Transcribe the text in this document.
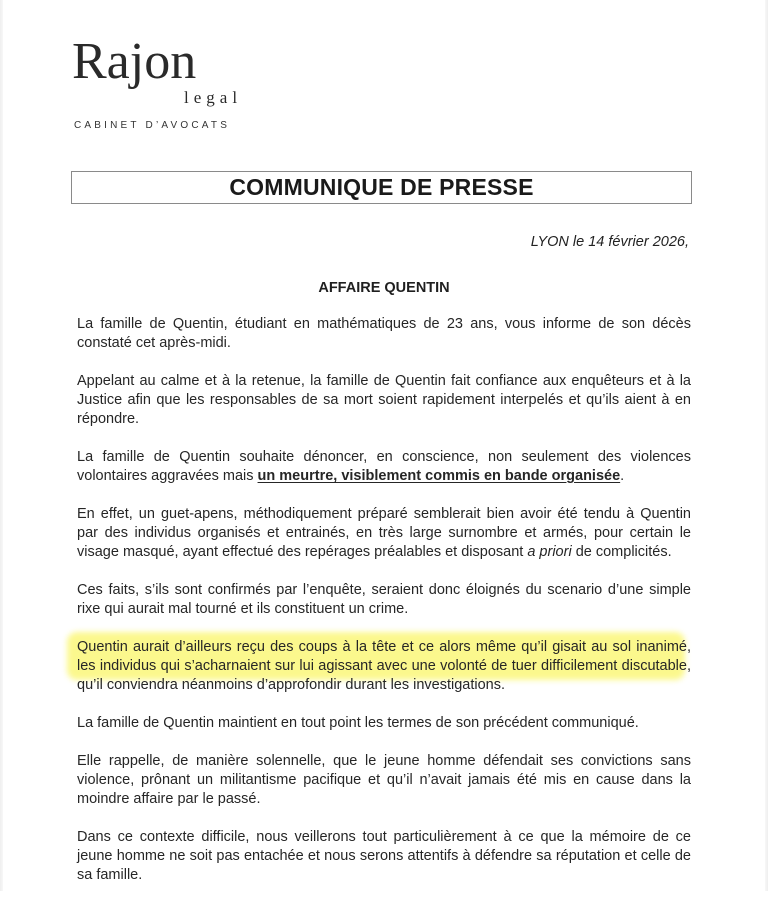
Rajon
legal
CABINET D’AVOCATS
COMMUNIQUE DE PRESSE
LYON le 14 février 2026,
AFFAIRE QUENTIN

La famille de Quentin, étudiant en mathématiques de 23 ans, vous informe de son décès constaté cet après-midi.

Appelant au calme et à la retenue, la famille de Quentin fait confiance aux enquêteurs et à la Justice afin que les responsables de sa mort soient rapidement interpelés et qu’ils aient à en répondre.

La famille de Quentin souhaite dénoncer, en conscience, non seulement des violences volontaires aggravées mais un meurtre, visiblement commis en bande organisée.

En effet, un guet-apens, méthodiquement préparé semblerait bien avoir été tendu à Quentin par des individus organisés et entrainés, en très large surnombre et armés, pour certain le visage masqué, ayant effectué des repérages préalables et disposant a priori de complicités.

Ces faits, s’ils sont confirmés par l’enquête, seraient donc éloignés du scenario d’une simple rixe qui aurait mal tourné et ils constituent un crime.

Quentin aurait d’ailleurs reçu des coups à la tête et ce alors même qu’il gisait au sol inanimé, les individus qui s’acharnaient sur lui agissant avec une volonté de tuer difficilement discutable, qu’il conviendra néanmoins d’approfondir durant les investigations.

La famille de Quentin maintient en tout point les termes de son précédent communiqué.

Elle rappelle, de manière solennelle, que le jeune homme défendait ses convictions sans violence, prônant un militantisme pacifique et qu’il n’avait jamais été mis en cause dans la moindre affaire par le passé.

Dans ce contexte difficile, nous veillerons tout particulièrement à ce que la mémoire de ce jeune homme ne soit pas entachée et nous serons attentifs à défendre sa réputation et celle de sa famille.
